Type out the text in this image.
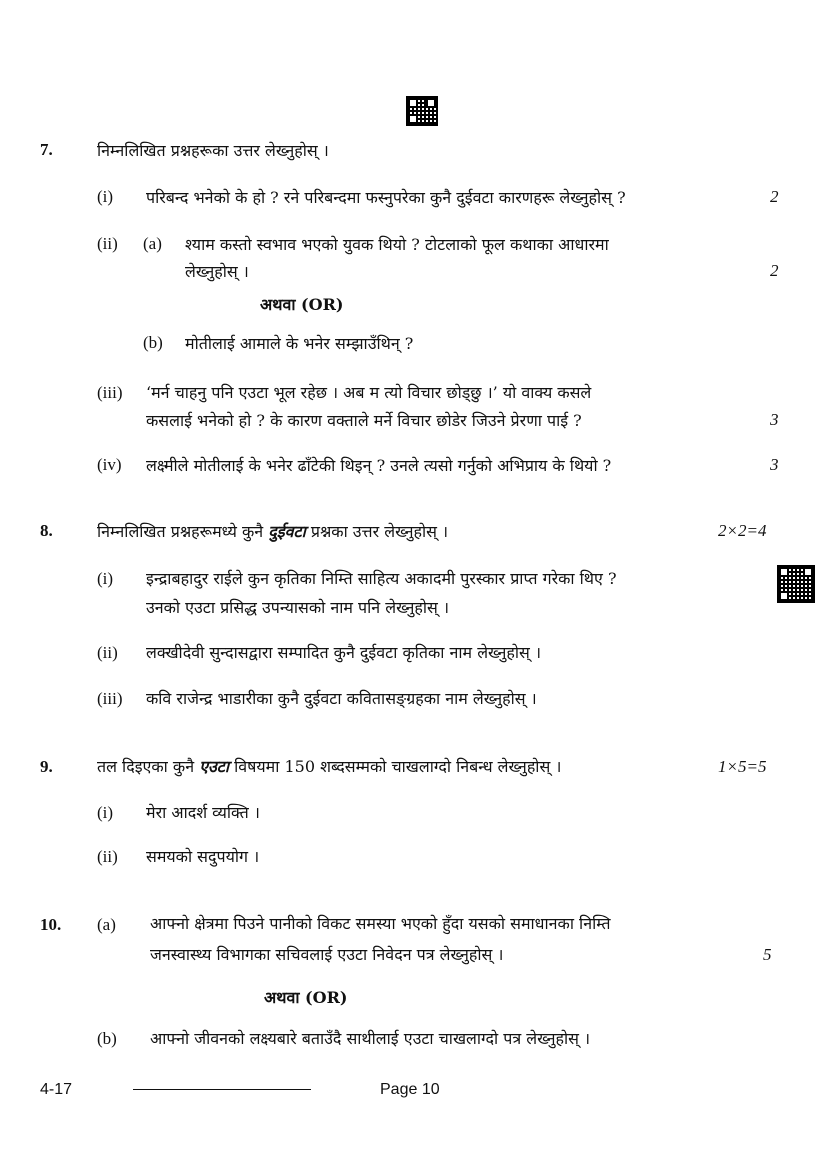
7.	निम्नलिखित प्रश्नहरूका उत्तर लेख्नुहोस् ।
(i) परिबन्द भनेको के हो ? रने परिबन्दमा फस्नुपरेका कुनै दुईवटा कारणहरू लेख्नुहोस् ?	2
(ii) (a) श्याम कस्तो स्वभाव भएको युवक थियो ? टोटलाको फूल कथाका आधारमा
लेख्नुहोस् ।	2
अथवा (OR)
(b) मोतीलाई आमाले के भनेर सम्झाउँथिन् ?
(iii) ‘मर्न चाहनु पनि एउटा भूल रहेछ । अब म त्यो विचार छोड्छु ।’ यो वाक्य कसले
कसलाई भनेको हो ? के कारण वक्ताले मर्ने विचार छोडेर जिउने प्रेरणा पाई ?	3
(iv) लक्ष्मीले मोतीलाई के भनेर ढाँटेकी थिइन् ? उनले त्यसो गर्नुको अभिप्राय के थियो ?	3
8.	निम्नलिखित प्रश्नहरूमध्ये कुनै दुईवटा प्रश्नका उत्तर लेख्नुहोस् ।	2×2=4
(i) इन्द्राबहादुर राईले कुन कृतिका निम्ति साहित्य अकादमी पुरस्कार प्राप्त गरेका थिए ?
उनको एउटा प्रसिद्ध उपन्यासको नाम पनि लेख्नुहोस् ।
(ii) लक्खीदेवी सुन्दासद्वारा सम्पादित कुनै दुईवटा कृतिका नाम लेख्नुहोस् ।
(iii) कवि राजेन्द्र भाडारीका कुनै दुईवटा कवितासङ्ग्रहका नाम लेख्नुहोस् ।
9.	तल दिइएका कुनै एउटा विषयमा 150 शब्दसम्मको चाखलाग्दो निबन्ध लेख्नुहोस् ।	1×5=5
(i) मेरा आदर्श व्यक्ति ।
(ii) समयको सदुपयोग ।
10. (a) आफ्नो क्षेत्रमा पिउने पानीको विकट समस्या भएको हुँदा यसको समाधानका निम्ति
जनस्वास्थ्य विभागका सचिवलाई एउटा निवेदन पत्र लेख्नुहोस् ।	5
अथवा (OR)
(b) आफ्नो जीवनको लक्ष्यबारे बताउँदै साथीलाई एउटा चाखलाग्दो पत्र लेख्नुहोस् ।
4-17	Page 10
